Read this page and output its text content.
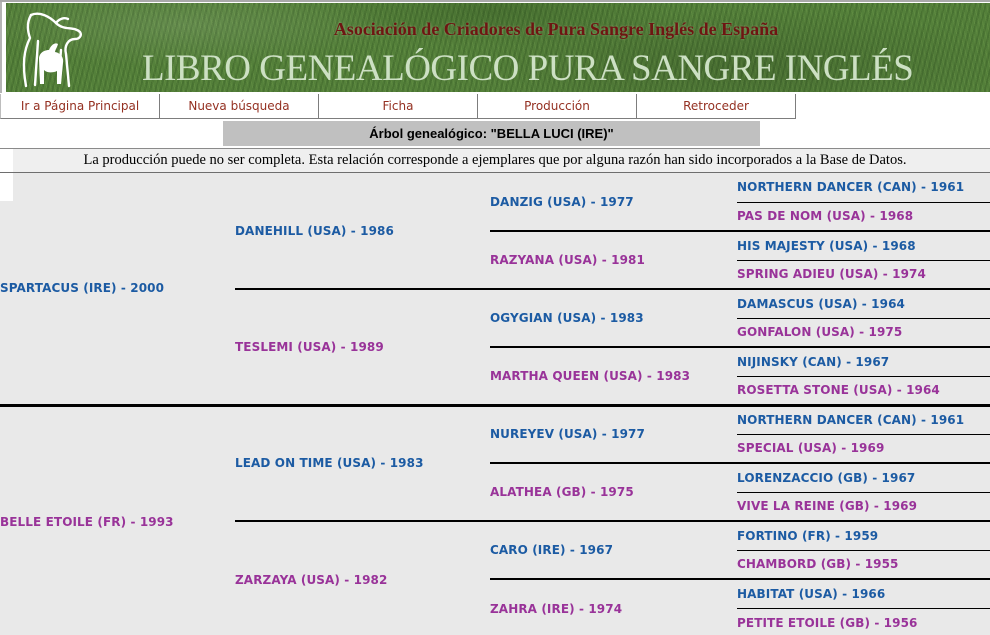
Asociación de Criadores de Pura Sangre Inglés de España
LIBRO GENEALÓGICO PURA SANGRE INGLÉS
Ir a Página Principal	Nueva búsqueda	Ficha	Producción	Retroceder
Árbol genealógico: "BELLA LUCI (IRE)"
La producción puede no ser completa. Esta relación corresponde a ejemplares que por alguna razón han sido incorporados a la Base de Datos.
SPARTACUS (IRE) - 2000	DANEHILL (USA) - 1986	DANZIG (USA) - 1977	NORTHERN DANCER (CAN) - 1961
			PAS DE NOM (USA) - 1968
		RAZYANA (USA) - 1981	HIS MAJESTY (USA) - 1968
			SPRING ADIEU (USA) - 1974
	TESLEMI (USA) - 1989	OGYGIAN (USA) - 1983	DAMASCUS (USA) - 1964
			GONFALON (USA) - 1975
		MARTHA QUEEN (USA) - 1983	NIJINSKY (CAN) - 1967
			ROSETTA STONE (USA) - 1964
BELLE ETOILE (FR) - 1993	LEAD ON TIME (USA) - 1983	NUREYEV (USA) - 1977	NORTHERN DANCER (CAN) - 1961
			SPECIAL (USA) - 1969
		ALATHEA (GB) - 1975	LORENZACCIO (GB) - 1967
			VIVE LA REINE (GB) - 1969
	ZARZAYA (USA) - 1982	CARO (IRE) - 1967	FORTINO (FR) - 1959
			CHAMBORD (GB) - 1955
		ZAHRA (IRE) - 1974	HABITAT (USA) - 1966
			PETITE ETOILE (GB) - 1956
